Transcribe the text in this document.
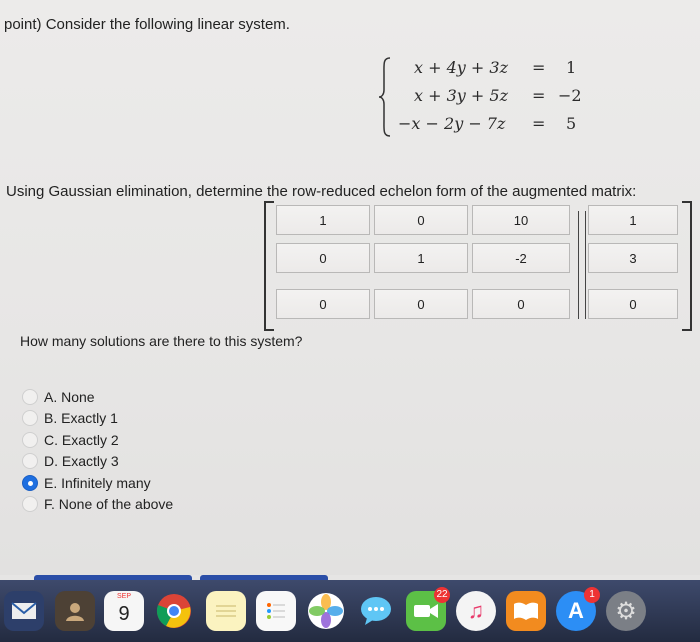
point) Consider the following linear system.
x + 4y + 3z = 1
x + 3y + 5z = −2
−x − 2y − 7z = 5
Using Gaussian elimination, determine the row-reduced echelon form of the augmented matrix:
1	0	10	1
0	1	-2	3
0	0	0	0
How many solutions are there to this system?
A. None
B. Exactly 1
C. Exactly 2
D. Exactly 3
E. Infinitely many
F. None of the above
SEP
9
22
♫	A
1
⚙
